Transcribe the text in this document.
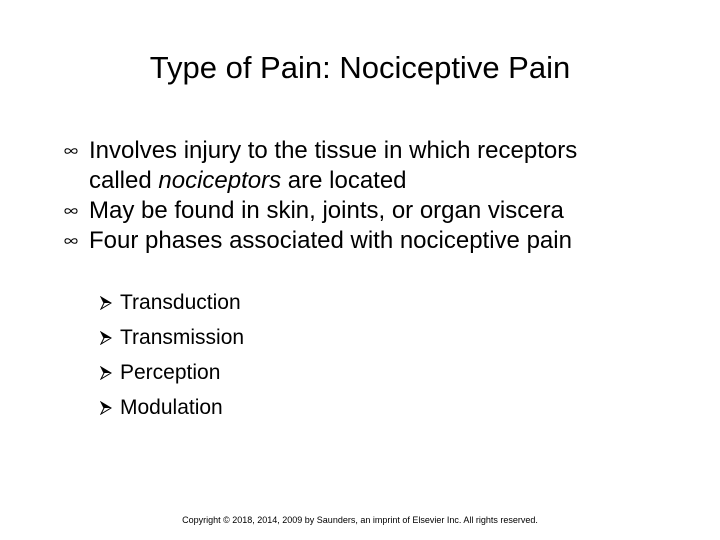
Type of Pain: Nociceptive Pain
Involves injury to the tissue in which receptors
called nociceptors are located
May be found in skin, joints, or organ viscera
Four phases associated with nociceptive pain
Transduction
Transmission
Perception
Modulation
Copyright © 2018, 2014, 2009 by Saunders, an imprint of Elsevier Inc. All rights reserved.
